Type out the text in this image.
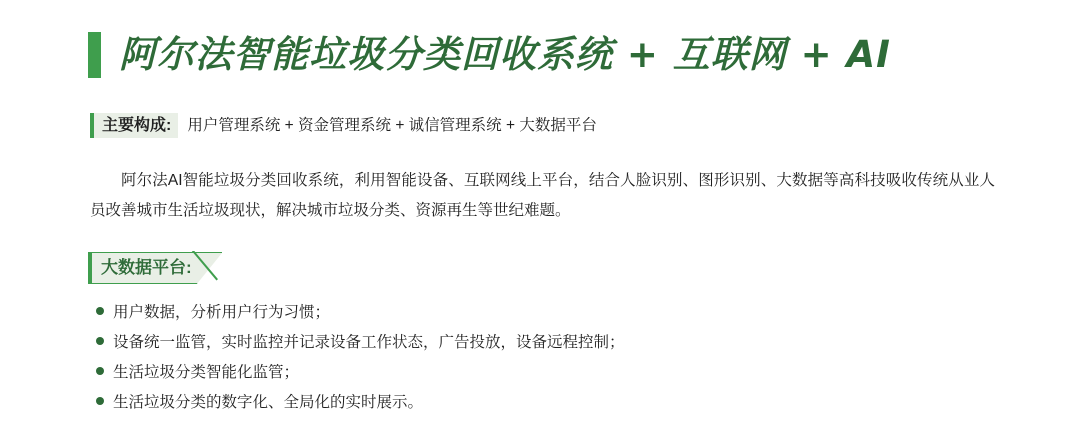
阿尔法智能垃圾分类回收系统 + 互联网 + AI
主要构成:	用户管理系统 + 资金管理系统 + 诚信管理系统 + 大数据平台

阿尔法AI智能垃圾分类回收系统，利用智能设备、互联网线上平台，结合人脸识别、图形识别、大数据等高科技吸收传统从业人员改善城市生活垃圾现状，解决城市垃圾分类、资源再生等世纪难题。

大数据平台:
用户数据，分析用户行为习惯；
设备统一监管，实时监控并记录设备工作状态，广告投放，设备远程控制；
生活垃圾分类智能化监管；
生活垃圾分类的数字化、全局化的实时展示。
